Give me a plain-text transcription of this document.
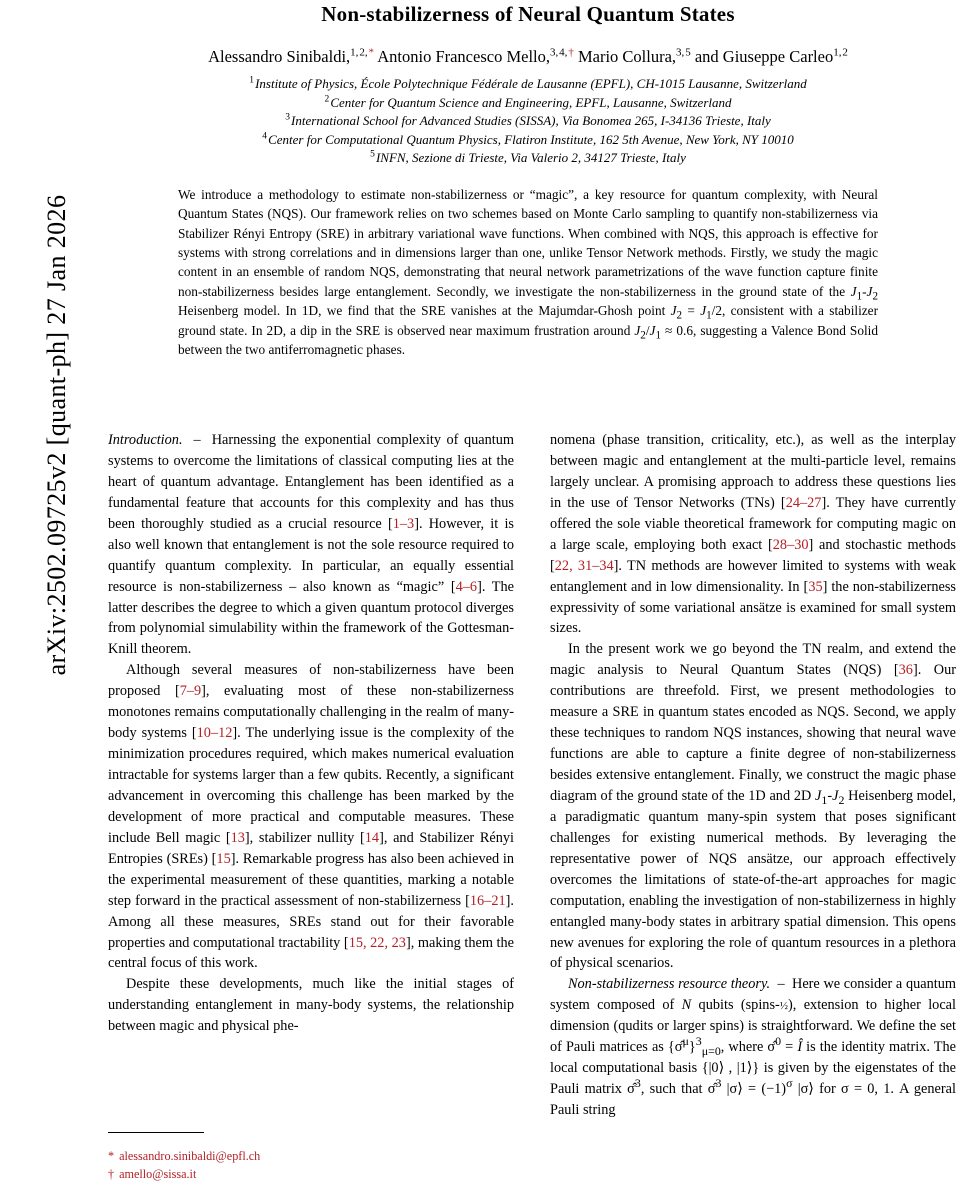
arXiv:2502.09725v2 [quant-ph] 27 Jan 2026
Non-stabilizerness of Neural Quantum States
Alessandro Sinibaldi,$^{1, 2, *}$ Antonio Francesco Mello,$^{3, 4, \dagger}$ Mario Collura,$^{3, 5}$ and Giuseppe Carleo$^{1, 2}$
$^1$ Institute of Physics, École Polytechnique Fédérale de Lausanne (EPFL), CH-1015 Lausanne, Switzerland
$^2$ Center for Quantum Science and Engineering, EPFL, Lausanne, Switzerland
$^3$ International School for Advanced Studies (SISSA), Via Bonomea 265, I-34136 Trieste, Italy
$^4$ Center for Computational Quantum Physics, Flatiron Institute, 162 5th Avenue, New York, NY 10010
$^5$ INFN, Sezione di Trieste, Via Valerio 2, 34127 Trieste, Italy
We introduce a methodology to estimate non-stabilizerness or “magic”, a key resource for quantum complexity, with Neural Quantum States (NQS). Our framework relies on two schemes based on Monte Carlo sampling to quantify non-stabilizerness via Stabilizer Rényi Entropy (SRE) in arbitrary variational wave functions. When combined with NQS, this approach is effective for systems with strong correlations and in dimensions larger than one, unlike Tensor Network methods. Firstly, we study the magic content in an ensemble of random NQS, demonstrating that neural network parametrizations of the wave function capture finite non-stabilizerness besides large entanglement. Secondly, we investigate the non-stabilizerness in the ground state of the $J_1-J_2$ Heisenberg model. In 1D, we find that the SRE vanishes at the Majumdar-Ghosh point $J_2 = J_1/2$, consistent with a stabilizer ground state. In 2D, a dip in the SRE is observed near maximum frustration around $J_2/J_1 \approx 0.6$, suggesting a Valence Bond Solid between the two antiferromagnetic phases.

Introduction.  –  Harnessing the exponential complexity of quantum systems to overcome the limitations of classical computing lies at the heart of quantum advantage. Entanglement has been identified as a fundamental feature that accounts for this complexity and has thus been thoroughly studied as a crucial resource [1–3]. However, it is also well known that entanglement is not the sole resource required to quantify quantum complexity. In particular, an equally essential resource is non-stabilizerness – also known as “magic” [4–6]. The latter describes the degree to which a given quantum protocol diverges from polynomial simulability within the framework of the Gottesman-Knill theorem.

Although several measures of non-stabilizerness have been proposed [7–9], evaluating most of these non-stabilizerness monotones remains computationally challenging in the realm of many-body systems [10–12]. The underlying issue is the complexity of the minimization procedures required, which makes numerical evaluation intractable for systems larger than a few qubits. Recently, a significant advancement in overcoming this challenge has been marked by the development of more practical and computable measures. These include Bell magic [13], stabilizer nullity [14], and Stabilizer Rényi Entropies (SREs) [15]. Remarkable progress has also been achieved in the experimental measurement of these quantities, marking a notable step forward in the practical assessment of non-stabilizerness [16–21]. Among all these measures, SREs stand out for their favorable properties and computational tractability [15, 22, 23], making them the central focus of this work.

Despite these developments, much like the initial stages of understanding entanglement in many-body systems, the relationship between magic and physical phe-

nomena (phase transition, criticality, etc.), as well as the interplay between magic and entanglement at the multi-particle level, remains largely unclear. A promising approach to address these questions lies in the use of Tensor Networks (TNs) [24–27]. They have currently offered the sole viable theoretical framework for computing magic on a large scale, employing both exact [28–30] and stochastic methods [22, 31–34]. TN methods are however limited to systems with weak entanglement and in low dimensionality. In [35] the non-stabilizerness expressivity of some variational ansätze is examined for small system sizes.

In the present work we go beyond the TN realm, and extend the magic analysis to Neural Quantum States (NQS) [36]. Our contributions are threefold. First, we present methodologies to measure a SRE in quantum states encoded as NQS. Second, we apply these techniques to random NQS instances, showing that neural wave functions are able to capture a finite degree of non-stabilizerness besides extensive entanglement. Finally, we construct the magic phase diagram of the ground state of the 1D and 2D $J_1-J_2$ Heisenberg model, a paradigmatic quantum many-spin system that poses significant challenges for existing numerical methods. By leveraging the representative power of NQS ansätze, our approach effectively overcomes the limitations of state-of-the-art approaches for magic computation, enabling the investigation of non-stabilizerness in highly entangled many-body states in arbitrary spatial dimension. This opens new avenues for exploring the role of quantum resources in a plethora of physical scenarios.

Non-stabilizerness resource theory.  –  Here we consider a quantum system composed of N qubits (spins-½), extension to higher local dimension (qudits or larger spins) is straightforward. We define the set of Pauli matrices as {σ̂$^\mu$}$^3_{\mu=0}$, where σ̂$^0$ = Î is the identity matrix. The local computational basis {|0⟩ , |1⟩} is given by the eigenstates of the Pauli matrix σ̂$^3$, such that σ̂$^3$ |σ⟩ = $(-1)^\sigma$ |σ⟩ for σ = 0, 1. A general Pauli string

* alessandro.sinibaldi@epfl.ch
† amello@sissa.it
